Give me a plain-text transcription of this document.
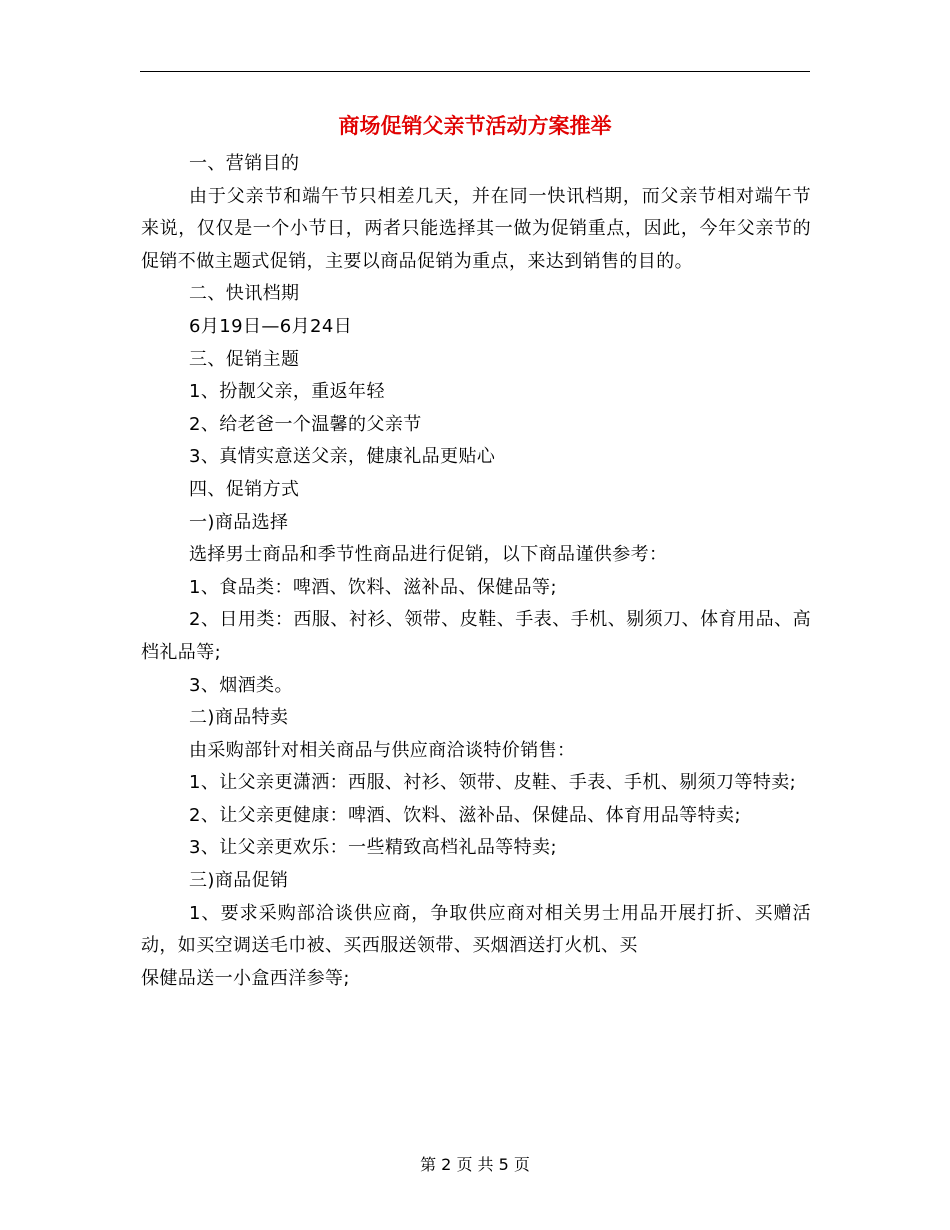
商场促销父亲节活动方案推举

一、营销目的

由于父亲节和端午节只相差几天，并在同一快讯档期，而父亲节相对端午节来说，仅仅是一个小节日，两者只能选择其一做为促销重点，因此，今年父亲节的促销不做主题式促销，主要以商品促销为重点，来达到销售的目的。

二、快讯档期

6月19日—6月24日

三、促销主题

1、扮靓父亲，重返年轻

2、给老爸一个温馨的父亲节

3、真情实意送父亲，健康礼品更贴心

四、促销方式

一)商品选择

选择男士商品和季节性商品进行促销，以下商品谨供参考：

1、食品类：啤酒、饮料、滋补品、保健品等;

2、日用类：西服、衬衫、领带、皮鞋、手表、手机、剔须刀、体育用品、高档礼品等;

3、烟酒类。

二)商品特卖

由采购部针对相关商品与供应商洽谈特价销售：

1、让父亲更潇洒：西服、衬衫、领带、皮鞋、手表、手机、剔须刀等特卖;

2、让父亲更健康：啤酒、饮料、滋补品、保健品、体育用品等特卖;

3、让父亲更欢乐：一些精致高档礼品等特卖;

三)商品促销

1、要求采购部洽谈供应商，争取供应商对相关男士用品开展打折、买赠活动，如买空调送毛巾被、买西服送领带、买烟酒送打火机、买

保健品送一小盒西洋参等;

第 2 页 共 5 页
